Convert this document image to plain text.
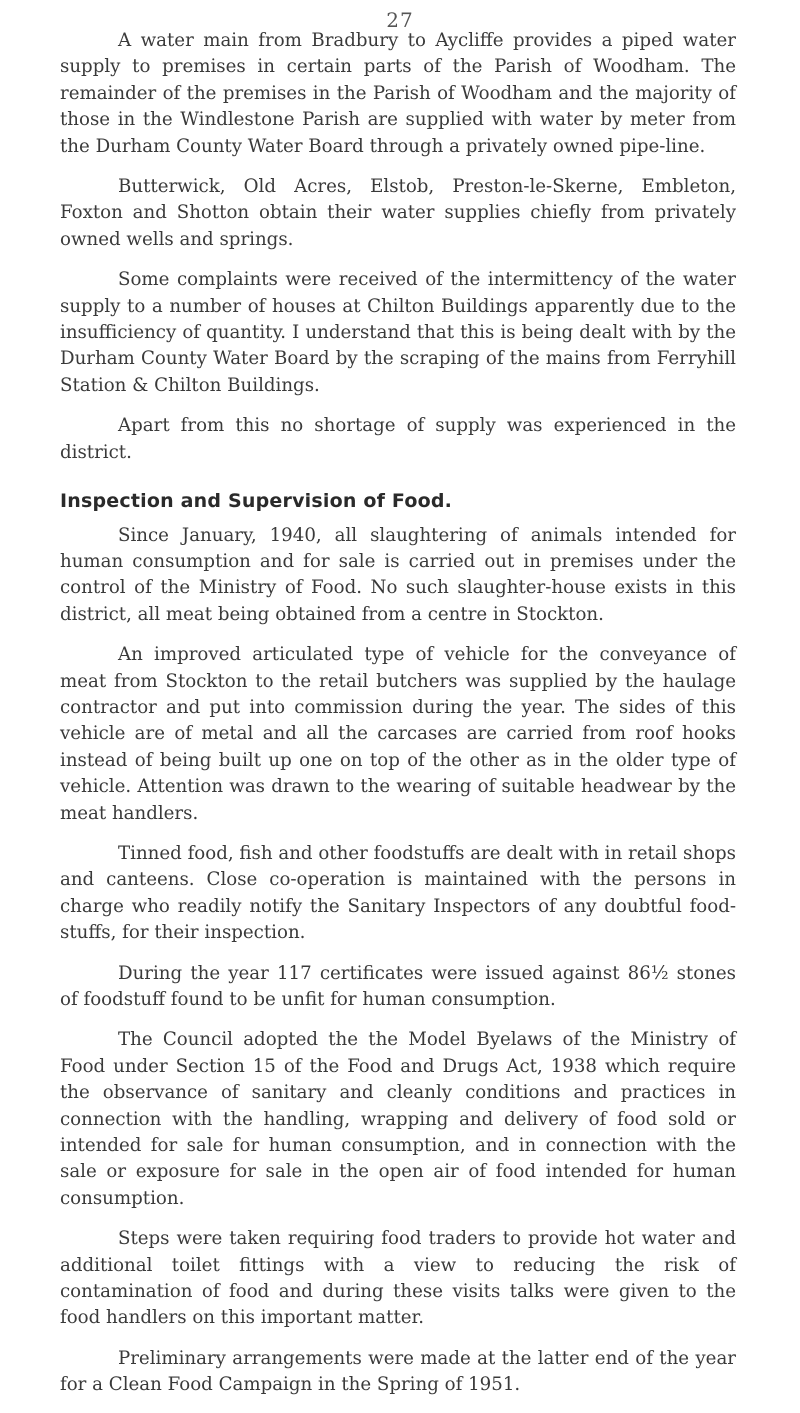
27

A water main from Bradbury to Aycliffe provides a piped water supply to premises in certain parts of the Parish of Woodham. The remainder of the premises in the Parish of Woodham and the majority of those in the Windlestone Parish are supplied with water by meter from the Durham County Water Board through a privately owned pipe-line.

Butterwick, Old Acres, Elstob, Preston-le-Skerne, Embleton, Foxton and Shotton obtain their water supplies chiefly from privately owned wells and springs.

Some complaints were received of the intermittency of the water supply to a number of houses at Chilton Buildings apparently due to the insufficiency of quantity. I understand that this is being dealt with by the Durham County Water Board by the scraping of the mains from Ferryhill Station & Chilton Buildings.

Apart from this no shortage of supply was experienced in the district.

Inspection and Supervision of Food.

Since January, 1940, all slaughtering of animals intended for human consumption and for sale is carried out in premises under the control of the Ministry of Food. No such slaughter-house exists in this district, all meat being obtained from a centre in Stockton.

An improved articulated type of vehicle for the conveyance of meat from Stockton to the retail butchers was supplied by the haulage contractor and put into commission during the year. The sides of this vehicle are of metal and all the carcases are carried from roof hooks instead of being built up one on top of the other as in the older type of vehicle. Attention was drawn to the wearing of suitable headwear by the meat handlers.

Tinned food, fish and other foodstuffs are dealt with in retail shops and canteens. Close co-operation is maintained with the persons in charge who readily notify the Sanitary Inspectors of any doubtful food-stuffs, for their inspection.

During the year 117 certificates were issued against 86½ stones of foodstuff found to be unfit for human consumption.

The Council adopted the the Model Byelaws of the Ministry of Food under Section 15 of the Food and Drugs Act, 1938 which require the observance of sanitary and cleanly conditions and practices in connection with the handling, wrapping and delivery of food sold or intended for sale for human consumption, and in connection with the sale or exposure for sale in the open air of food intended for human consumption.

Steps were taken requiring food traders to provide hot water and additional toilet fittings with a view to reducing the risk of contamination of food and during these visits talks were given to the food handlers on this important matter.

Preliminary arrangements were made at the latter end of the year for a Clean Food Campaign in the Spring of 1951.
